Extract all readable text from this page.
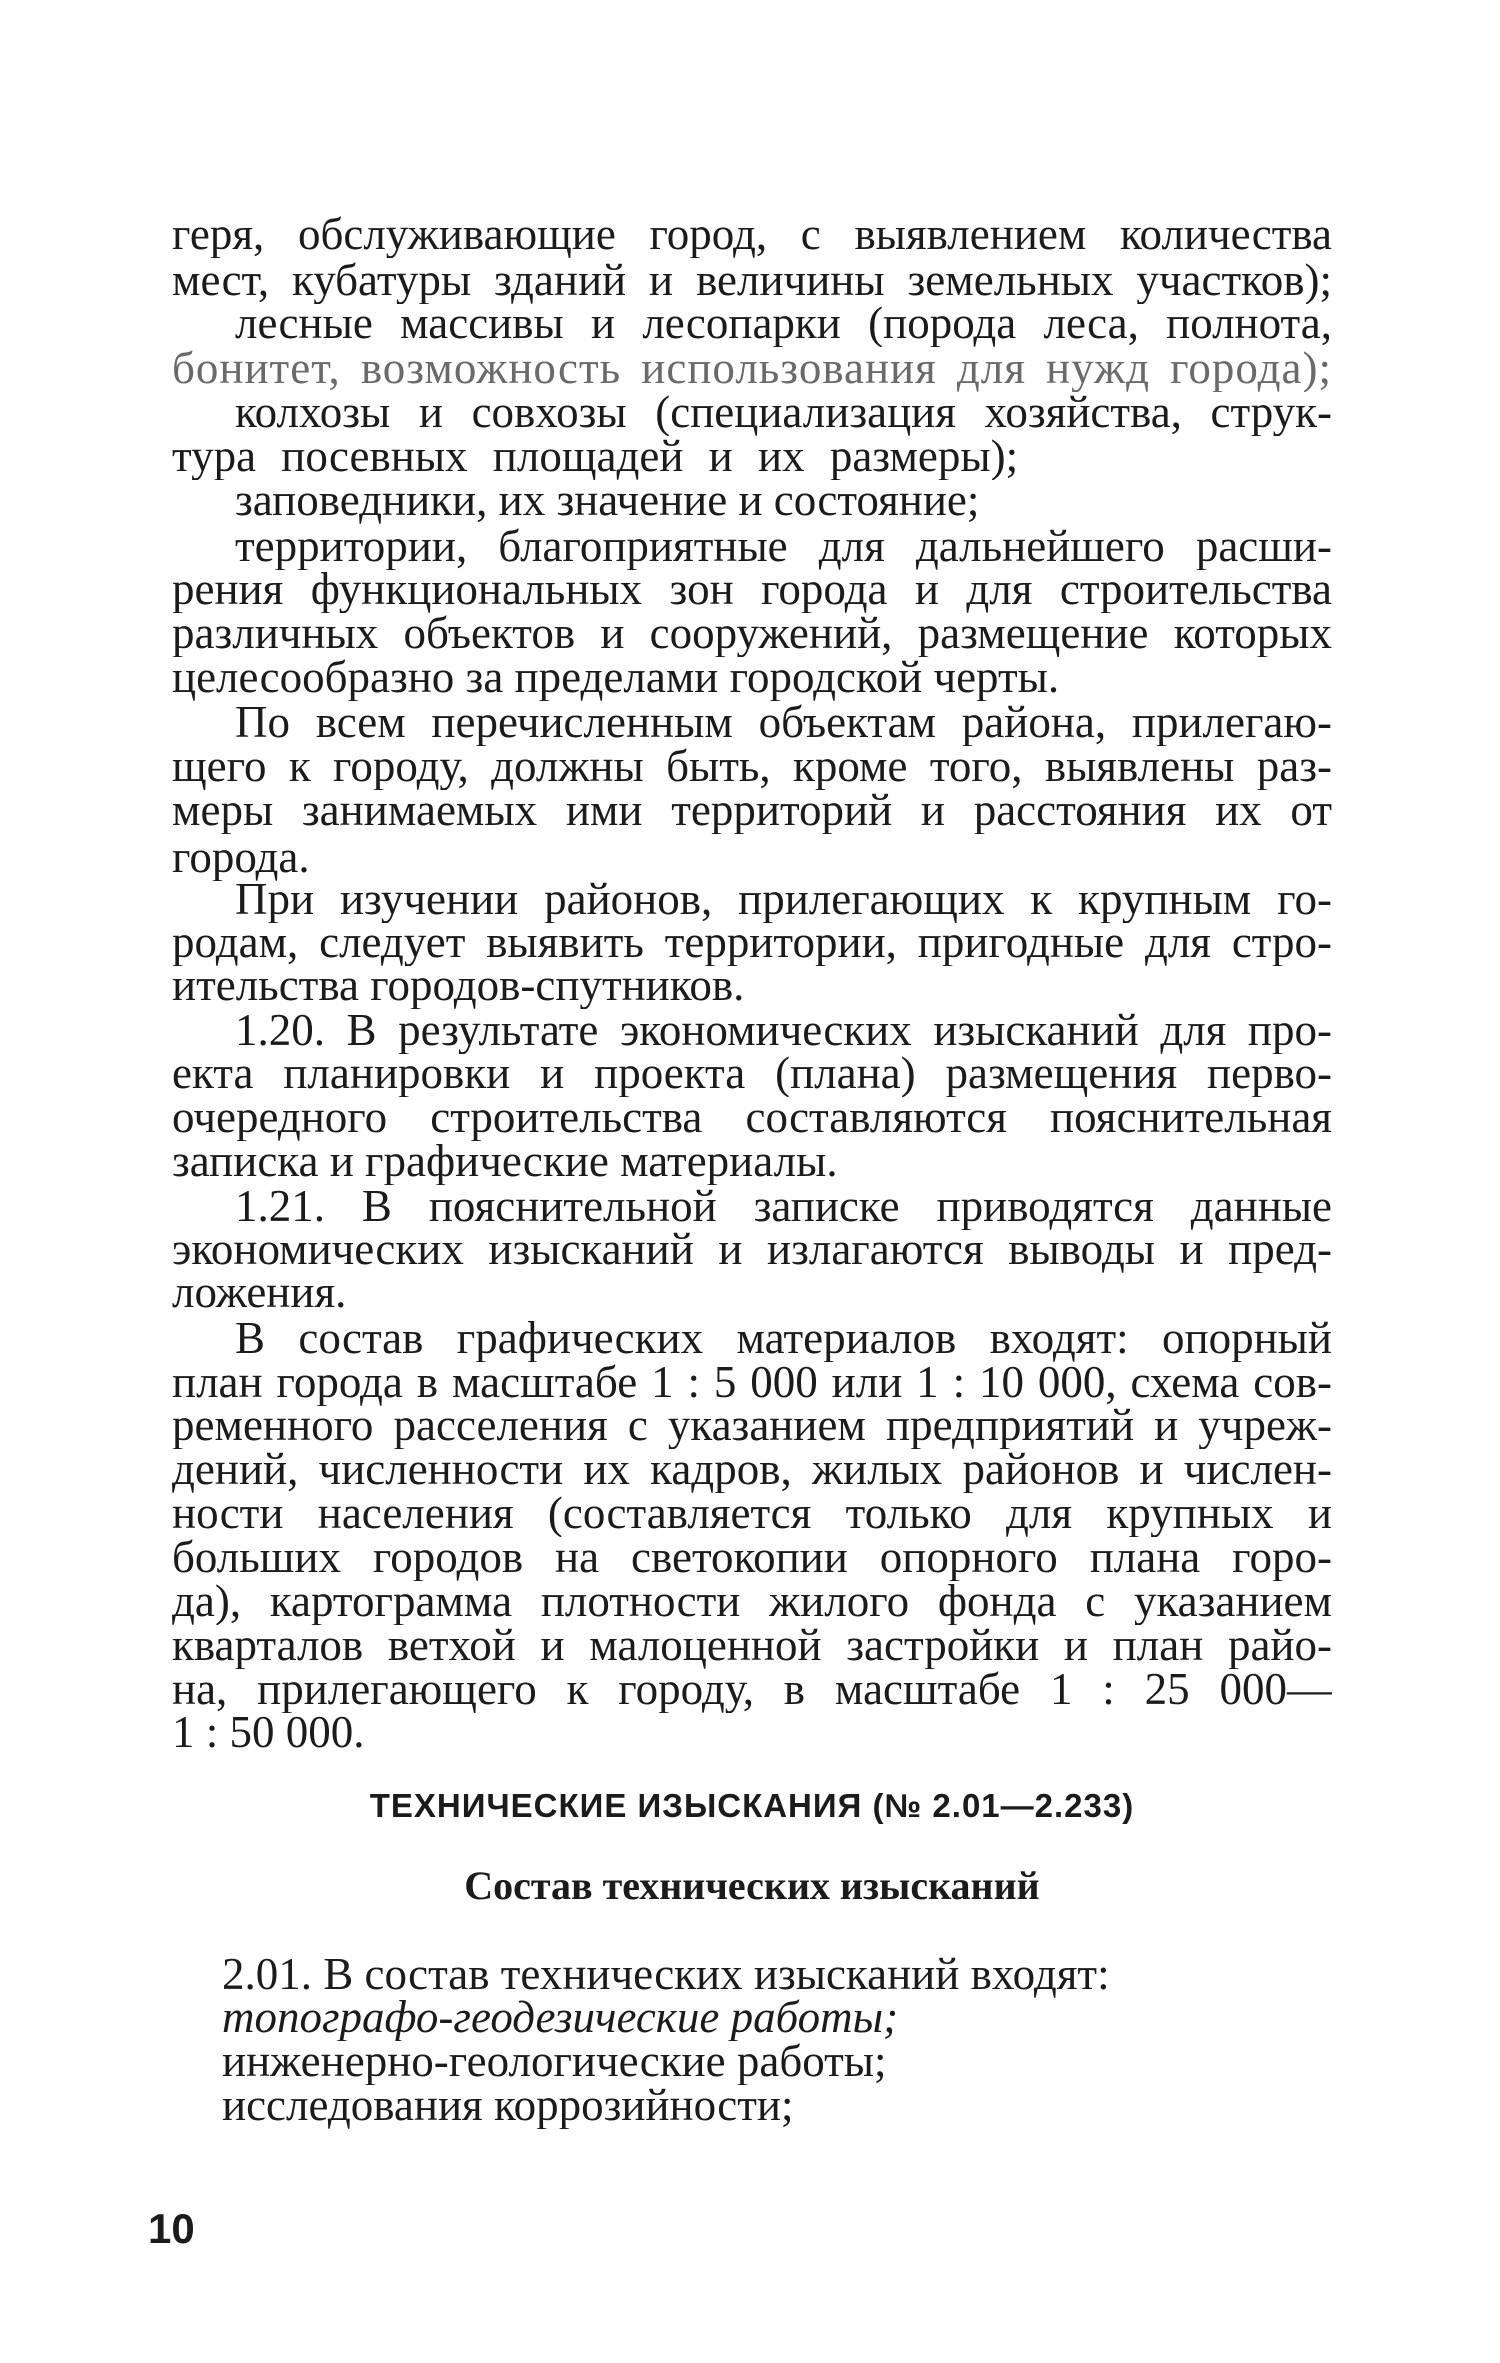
геря, обслуживающие город, с выявлением количества
мест, кубатуры зданий и величины земельных участков);
лесные массивы и лесопарки (порода леса, полнота,
бонитет, возможность использования для нужд города);
колхозы и совхозы (специализация хозяйства, струк-
тура посевных площадей и их размеры);
заповедники, их значение и состояние;
территории, благоприятные для дальнейшего расши-
рения функциональных зон города и для строительства
различных объектов и сооружений, размещение которых
целесообразно за пределами городской черты.
По всем перечисленным объектам района, прилегаю-
щего к городу, должны быть, кроме того, выявлены раз-
меры занимаемых ими территорий и расстояния их от
города.
При изучении районов, прилегающих к крупным го-
родам, следует выявить территории, пригодные для стро-
ительства городов-спутников.
1.20. В результате экономических изысканий для про-
екта планировки и проекта (плана) размещения перво-
очередного строительства составляются пояснительная
записка и графические материалы.
1.21. В пояснительной записке приводятся данные
экономических изысканий и излагаются выводы и пред-
ложения.
В состав графических материалов входят: опорный
план города в масштабе 1 : 5 000 или 1 : 10 000, схема сов-
ременного расселения с указанием предприятий и учреж-
дений, численности их кадров, жилых районов и числен-
ности населения (составляется только для крупных и
больших городов на светокопии опорного плана горо-
да), картограмма плотности жилого фонда с указанием
кварталов ветхой и малоценной застройки и план райо-
на, прилегающего к городу, в масштабе 1 : 25 000—
1 : 50 000.
ТЕХНИЧЕСКИЕ ИЗЫСКАНИЯ (№ 2.01—2.233)
Состав технических изысканий
2.01. В состав технических изысканий входят:
топографо-геодезические работы;
инженерно-геологические работы;
исследования коррозийности;
10
